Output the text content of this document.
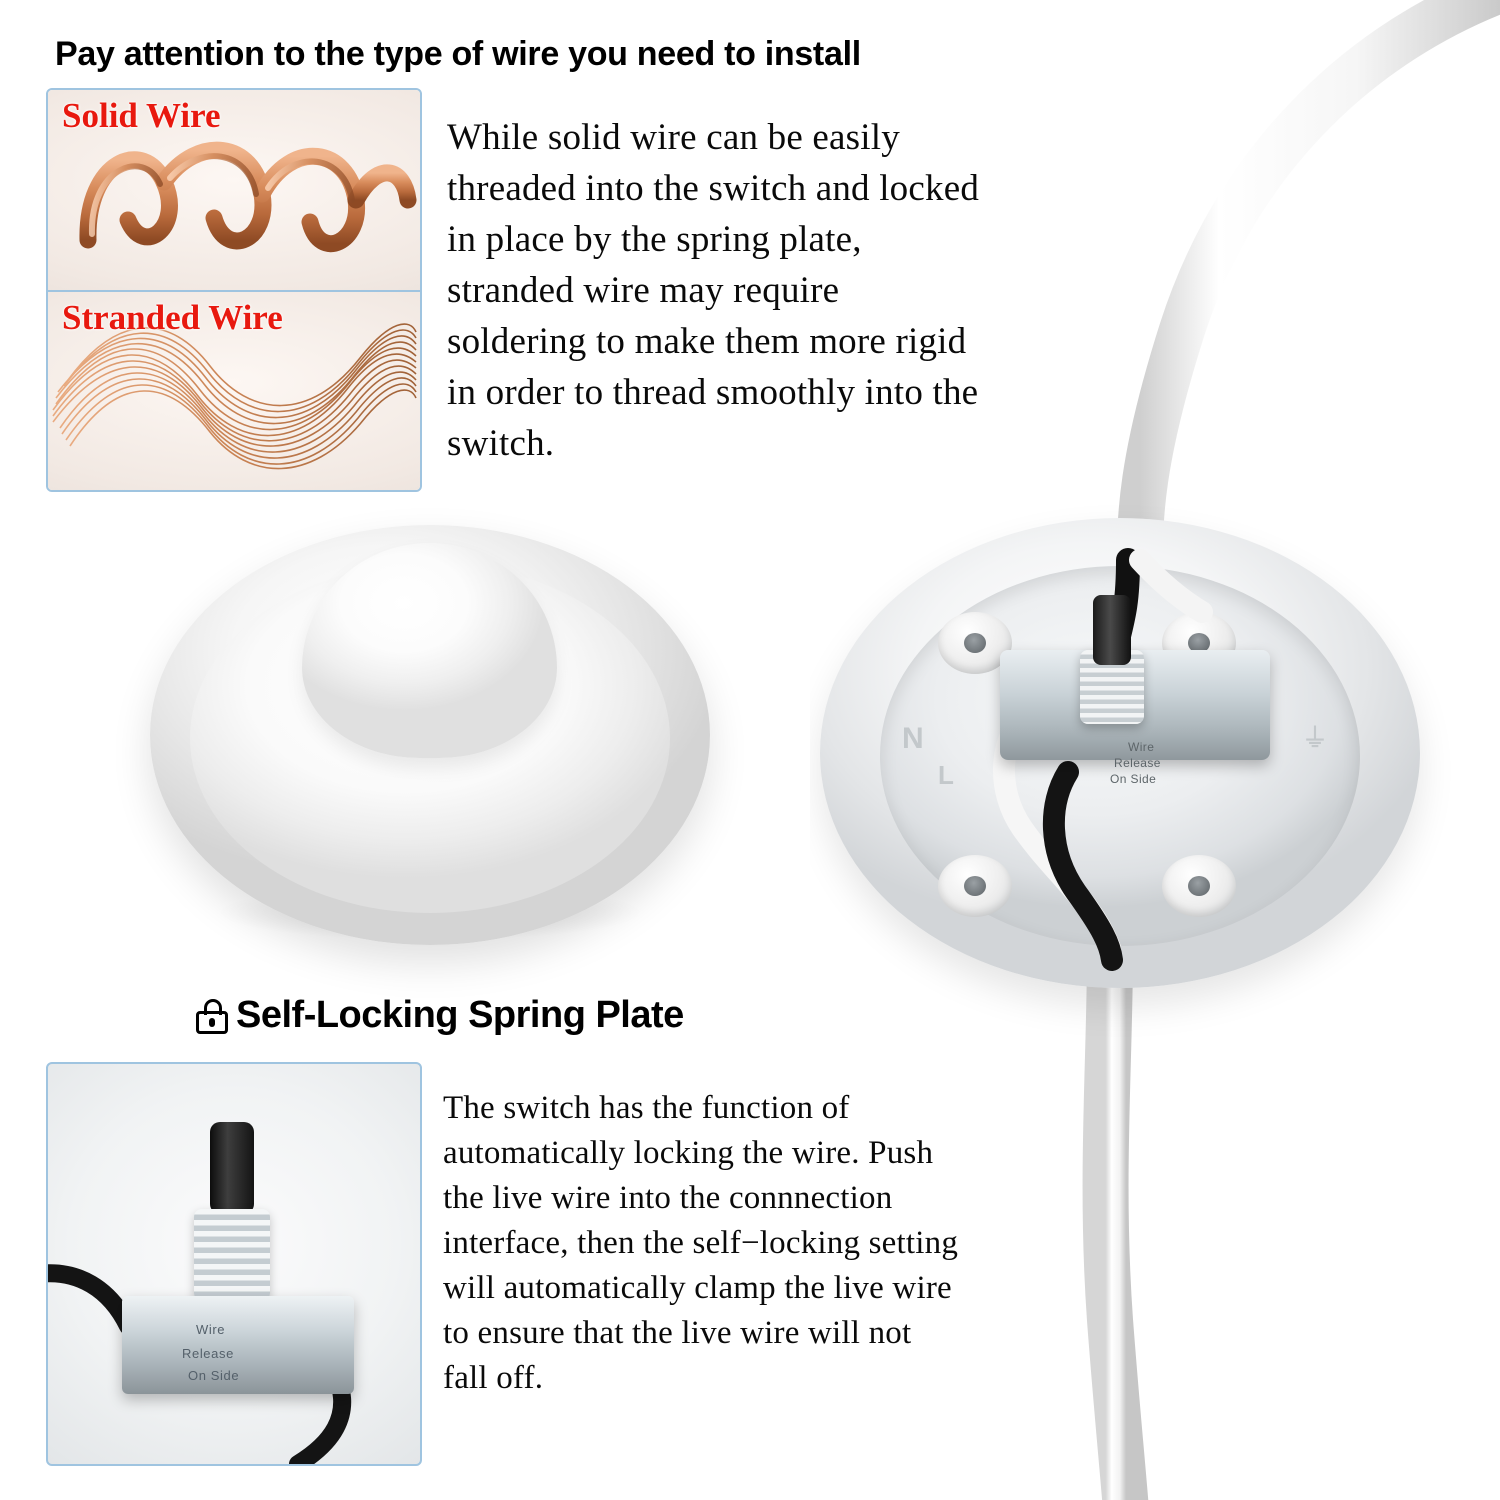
Pay attention to the type of wire you need to install
Solid Wire
Stranded Wire
While solid wire can be easily threaded into the switch and locked in place by the spring plate, stranded wire may require soldering to make them more rigid in order to thread smoothly into the switch.
N
L
⏚
Wire
Release
On Side
Self-Locking Spring Plate
Wire
Release
On Side
The switch has the function of automatically locking the wire. Push the live wire into the connnection interface, then the self−locking setting will automatically clamp the live wire to ensure that the live wire will not fall off.
